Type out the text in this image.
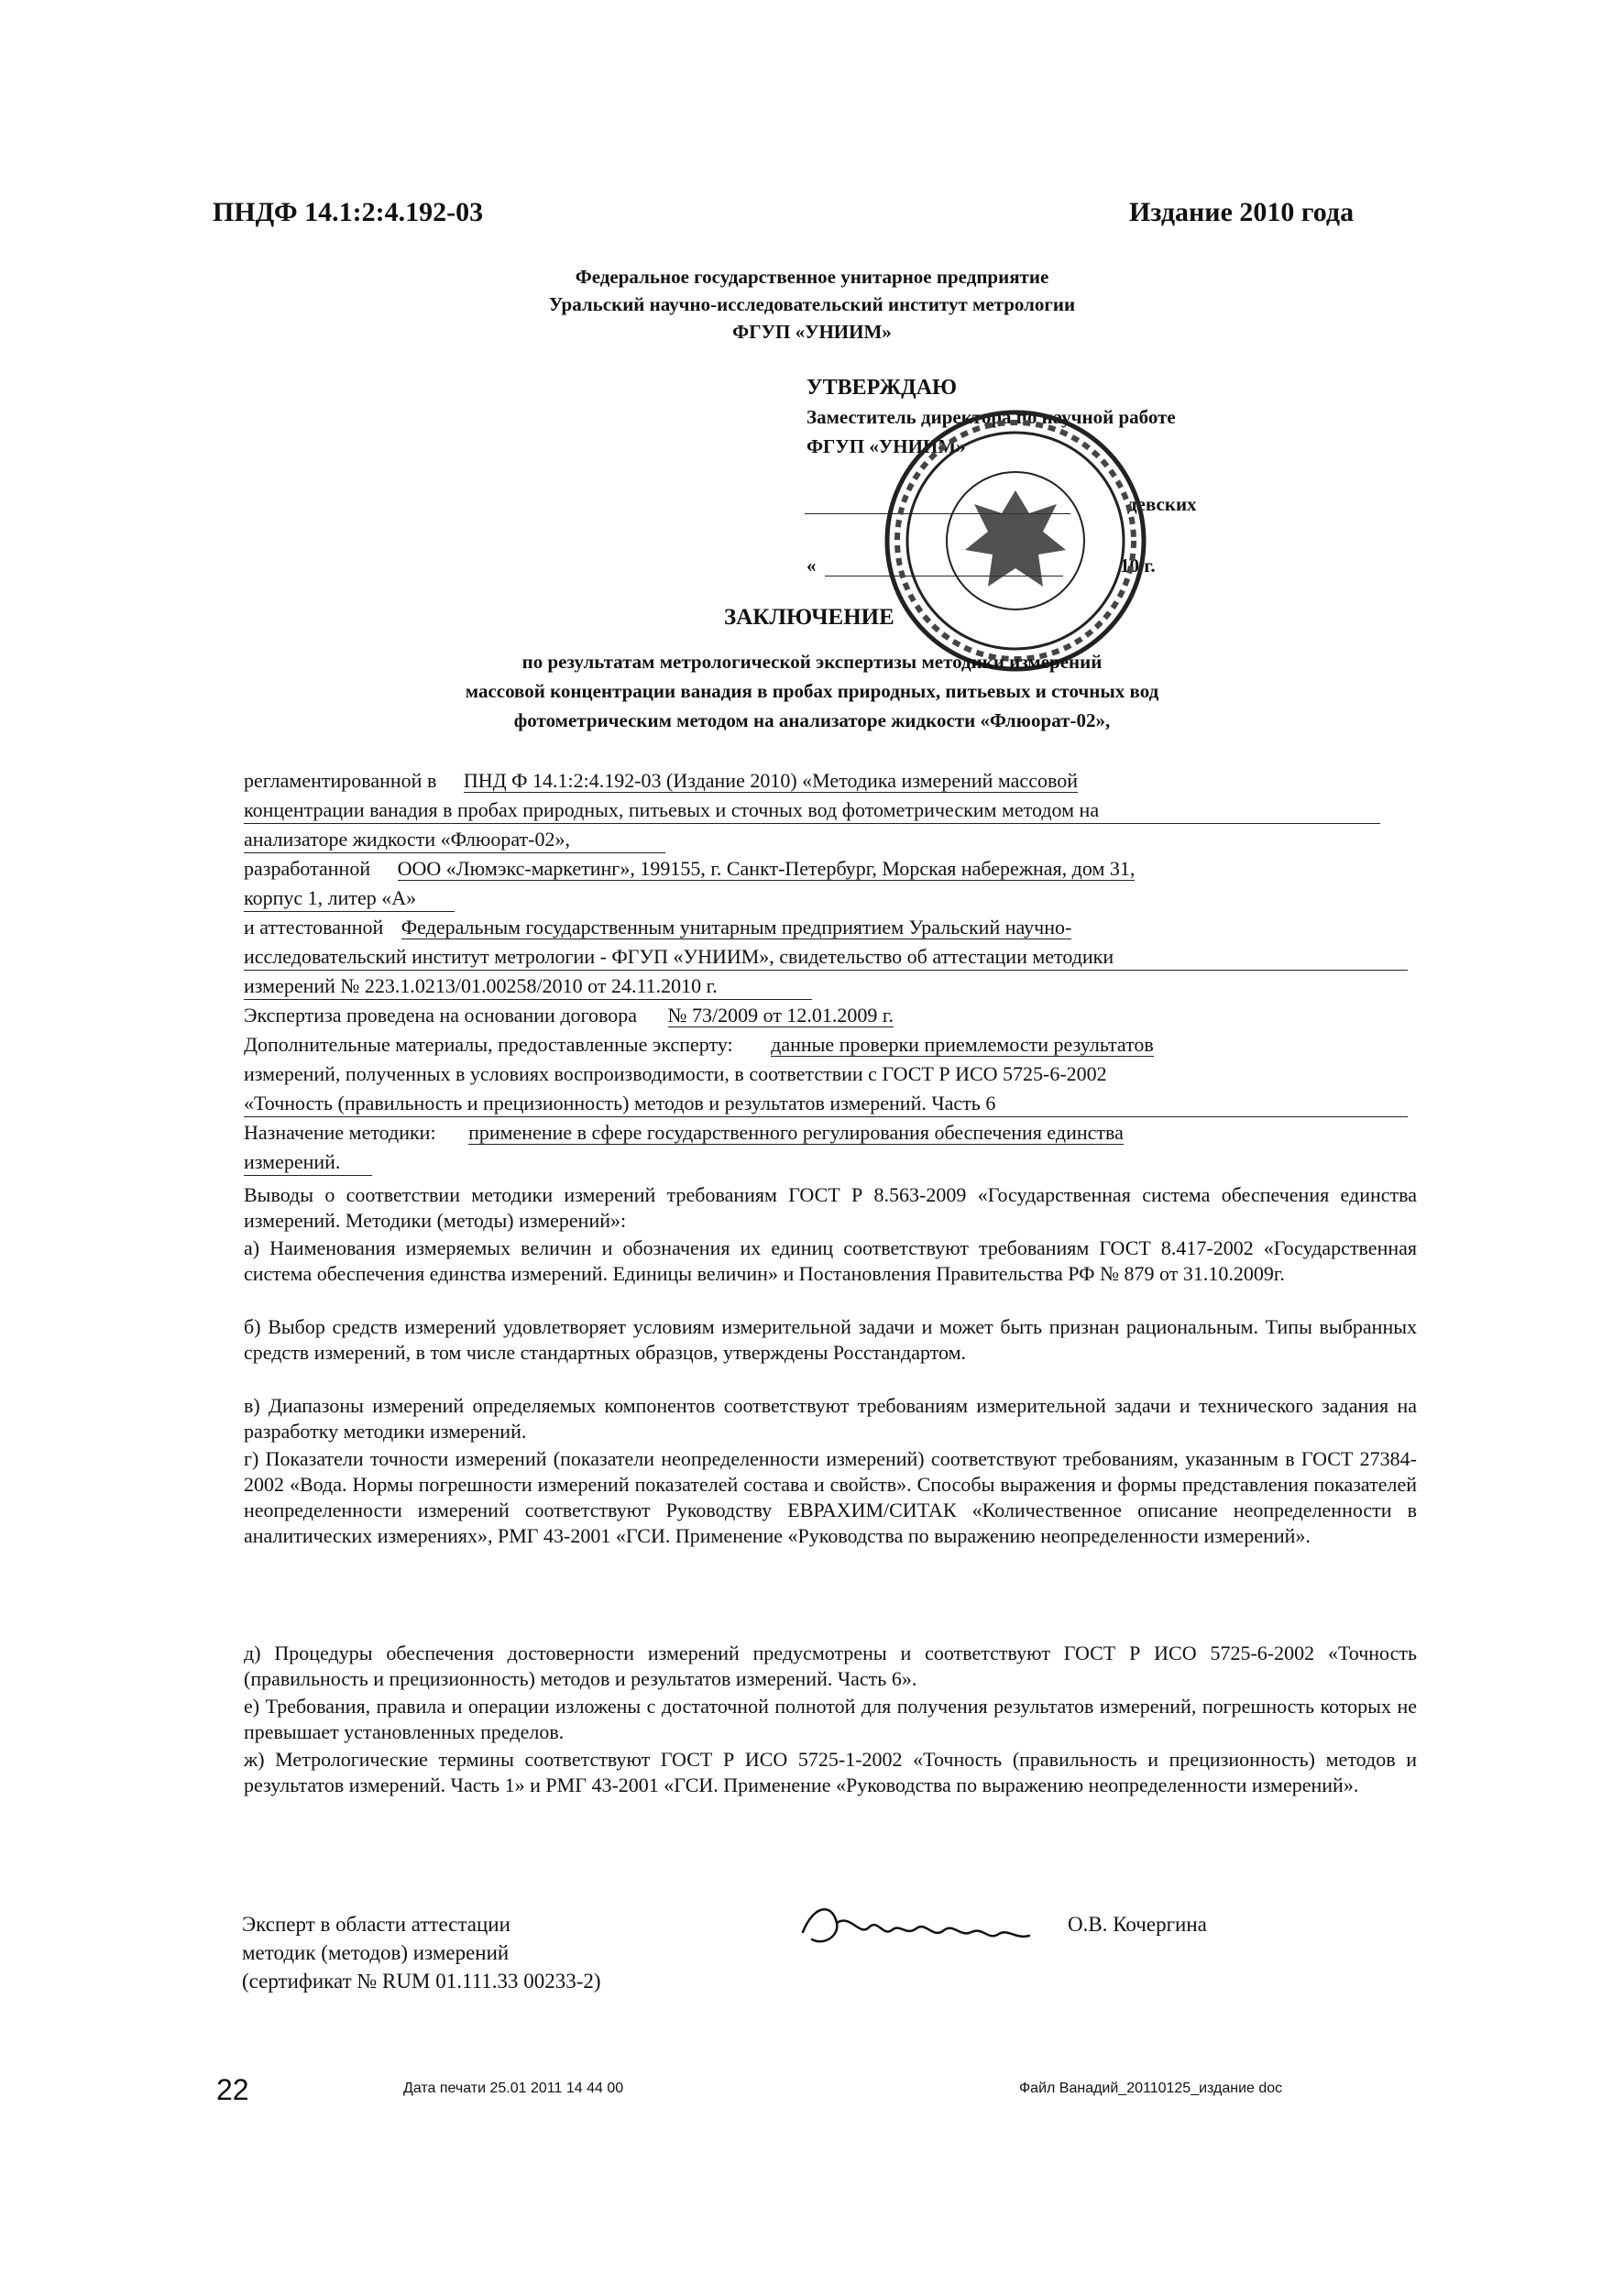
ПНДФ 14.1:2:4.192-03	Издание 2010 года
Федеральное государственное унитарное предприятие
Уральский научно-исследовательский институт метрологии
ФГУП «УНИИМ»
УТВЕРЖДАЮ
Заместитель директора по научной работе
ФГУП «УНИИМ»
девских
«	10 г.
ЗАКЛЮЧЕНИЕ
по результатам метрологической экспертизы методики измерений
массовой концентрации ванадия в пробах природных, питьевых и сточных вод
фотометрическим методом на анализаторе жидкости «Флюорат-02»,
регламентированной в ПНД Ф 14.1:2:4.192-03 (Издание 2010) «Методика измерений массовой
концентрации ванадия в пробах природных, питьевых и сточных вод фотометрическим методом на
анализаторе жидкости «Флюорат-02»,
разработанной ООО «Люмэкс-маркетинг», 199155, г. Санкт-Петербург, Морская набережная, дом 31,
корпус 1, литер «А»
и аттестованной Федеральным государственным унитарным предприятием Уральский научно-
исследовательский институт метрологии - ФГУП «УНИИМ», свидетельство об аттестации методики
измерений № 223.1.0213/01.00258/2010 от 24.11.2010 г.
Экспертиза проведена на основании договора № 73/2009 от 12.01.2009 г.
Дополнительные материалы, предоставленные эксперту: данные проверки приемлемости результатов
измерений, полученных в условиях воспроизводимости, в соответствии с ГОСТ Р ИСО 5725-6-2002
«Точность (правильность и прецизионность) методов и результатов измерений. Часть 6
Назначение методики: применение в сфере государственного регулирования обеспечения единства
измерений.
Выводы о соответствии методики измерений требованиям ГОСТ Р 8.563-2009 «Государственная система обеспечения единства измерений. Методики (методы) измерений»:
а) Наименования измеряемых величин и обозначения их единиц соответствуют требованиям ГОСТ 8.417-2002 «Государственная система обеспечения единства измерений. Единицы величин» и Постановления Правительства РФ № 879 от 31.10.2009г.
б) Выбор средств измерений удовлетворяет условиям измерительной задачи и может быть признан рациональным. Типы выбранных средств измерений, в том числе стандартных образцов, утверждены Росстандартом.
в) Диапазоны измерений определяемых компонентов соответствуют требованиям измерительной задачи и технического задания на разработку методики измерений.
г) Показатели точности измерений (показатели неопределенности измерений) соответствуют требованиям, указанным в ГОСТ 27384-2002 «Вода. Нормы погрешности измерений показателей состава и свойств». Способы выражения и формы представления показателей неопределенности измерений соответствуют Руководству ЕВРАХИМ/СИТАК «Количественное описание неопределенности в аналитических измерениях», РМГ 43-2001 «ГСИ. Применение «Руководства по выражению неопределенности измерений».
д) Процедуры обеспечения достоверности измерений предусмотрены и соответствуют ГОСТ Р ИСО 5725-6-2002 «Точность (правильность и прецизионность) методов и результатов измерений. Часть 6».
е) Требования, правила и операции изложены с достаточной полнотой для получения результатов измерений, погрешность которых не превышает установленных пределов.
ж) Метрологические термины соответствуют ГОСТ Р ИСО 5725-1-2002 «Точность (правильность и прецизионность) методов и результатов измерений. Часть 1» и РМГ 43-2001 «ГСИ. Применение «Руководства по выражению неопределенности измерений».
Эксперт в области аттестации
методик (методов) измерений
(сертификат № RUM 01.111.33 00233-2)
О.В. Кочергина
22	Дата печати 25.01 2011 14 44 00	Файл Ванадий_20110125_издание doc
